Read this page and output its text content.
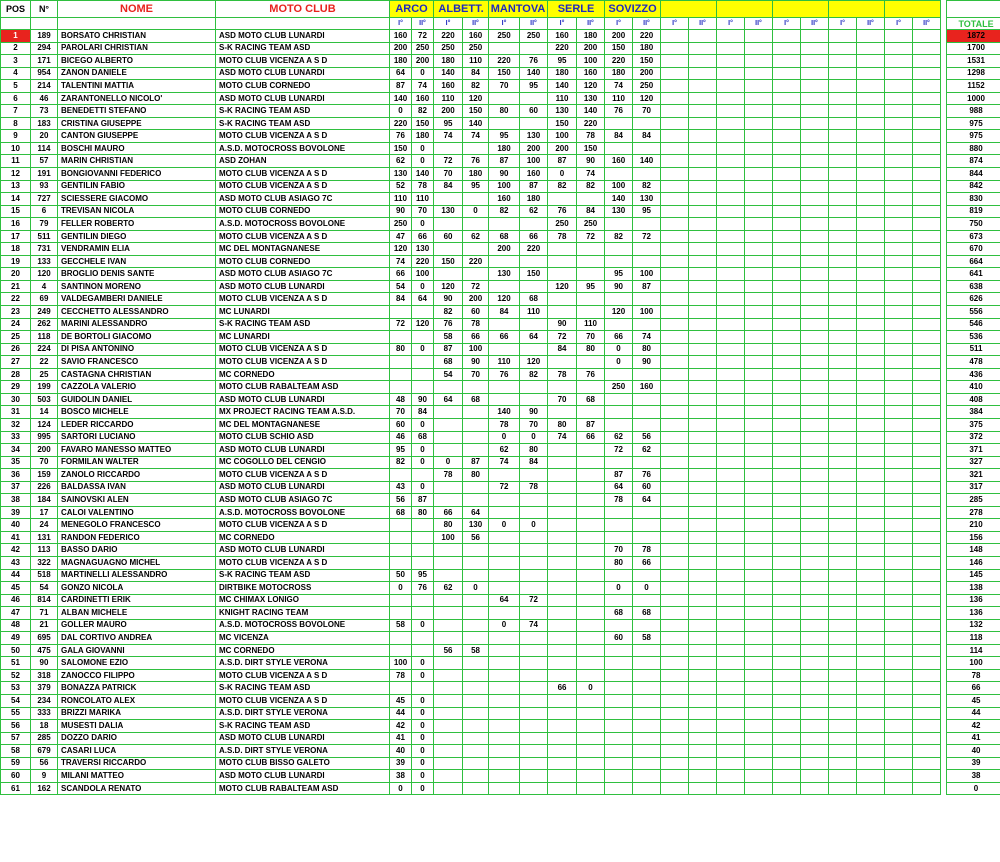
POS	N°	NOME	MOTO CLUB	ARCO		ALBETT.		MANTOVA		SERLE		SOVIZZO													
				I°	II°	I°	II°	I°	II°	I°	II°	I°	II°	I°	II°	I°	II°	I°	II°	I°	II°	I°	II°		TOTALE
1	189	BORSATO CHRISTIAN	ASD MOTO CLUB LUNARDI	160	72	220	160	250	250	160	180	200	220												1872
2	294	PAROLARI CHRISTIAN	S-K RACING TEAM ASD	200	250	250	250			220	200	150	180												1700
3	171	BICEGO ALBERTO	MOTO CLUB VICENZA A S D	180	200	180	110	220	76	95	100	220	150												1531
4	954	ZANON DANIELE	ASD MOTO CLUB LUNARDI	64	0	140	84	150	140	180	160	180	200												1298
5	214	TALENTINI MATTIA	MOTO CLUB CORNEDO	87	74	160	82	70	95	140	120	74	250												1152
6	46	ZARANTONELLO NICOLO'	ASD MOTO CLUB LUNARDI	140	160	110	120			110	130	110	120												1000
7	73	BENEDETTI STEFANO	S-K RACING TEAM ASD	0	82	200	150	80	60	130	140	76	70												988
8	183	CRISTINA GIUSEPPE	S-K RACING TEAM ASD	220	150	95	140			150	220														975
9	20	CANTON GIUSEPPE	MOTO CLUB VICENZA A S D	76	180	74	74	95	130	100	78	84	84												975
10	114	BOSCHI MAURO	A.S.D. MOTOCROSS BOVOLONE	150	0			180	200	200	150														880
11	57	MARIN CHRISTIAN	ASD ZOHAN	62	0	72	76	87	100	87	90	160	140												874
12	191	BONGIOVANNI FEDERICO	MOTO CLUB VICENZA A S D	130	140	70	180	90	160	0	74														844
13	93	GENTILIN FABIO	MOTO CLUB VICENZA A S D	52	78	84	95	100	87	82	82	100	82												842
14	727	SCIESSERE GIACOMO	ASD MOTO CLUB ASIAGO 7C	110	110			160	180			140	130												830
15	6	TREVISAN NICOLA	MOTO CLUB CORNEDO	90	70	130	0	82	62	76	84	130	95												819
16	79	FELLER ROBERTO	A.S.D. MOTOCROSS BOVOLONE	250	0					250	250														750
17	511	GENTILIN DIEGO	MOTO CLUB VICENZA A S D	47	66	60	62	68	66	78	72	82	72												673
18	731	VENDRAMIN ELIA	MC DEL MONTAGNANESE	120	130			200	220																670
19	133	GECCHELE IVAN	MOTO CLUB CORNEDO	74	220	150	220																		664
20	120	BROGLIO DENIS SANTE	ASD MOTO CLUB ASIAGO 7C	66	100			130	150			95	100												641
21	4	SANTINON MORENO	ASD MOTO CLUB LUNARDI	54	0	120	72			120	95	90	87												638
22	69	VALDEGAMBERI DANIELE	MOTO CLUB VICENZA A S D	84	64	90	200	120	68																626
23	249	CECCHETTO ALESSANDRO	MC LUNARDI			82	60	84	110			120	100												556
24	262	MARINI ALESSANDRO	S-K RACING TEAM ASD	72	120	76	78			90	110														546
25	118	DE BORTOLI GIACOMO	MC LUNARDI			58	66	66	64	72	70	66	74												536
26	224	DI PISA ANTONINO	MOTO CLUB VICENZA A S D	80	0	87	100			84	80	0	80												511
27	22	SAVIO FRANCESCO	MOTO CLUB VICENZA A S D			68	90	110	120			0	90												478
28	25	CASTAGNA CHRISTIAN	MC CORNEDO			54	70	76	82	78	76														436
29	199	CAZZOLA VALERIO	MOTO CLUB RABALTEAM ASD									250	160												410
30	503	GUIDOLIN DANIEL	ASD MOTO CLUB LUNARDI	48	90	64	68			70	68														408
31	14	BOSCO MICHELE	MX PROJECT RACING TEAM A.S.D.	70	84			140	90																384
32	124	LEDER RICCARDO	MC DEL MONTAGNANESE	60	0			78	70	80	87														375
33	995	SARTORI LUCIANO	MOTO CLUB SCHIO ASD	46	68			0	0	74	66	62	56												372
34	200	FAVARO MANESSO MATTEO	ASD MOTO CLUB LUNARDI	95	0			62	80			72	62												371
35	70	FORMILAN WALTER	MC COGOLLO DEL CENGIO	82	0	0	87	74	84																327
36	159	ZANOLO RICCARDO	MOTO CLUB VICENZA A S D			78	80					87	76												321
37	226	BALDASSA IVAN	ASD MOTO CLUB LUNARDI	43	0			72	78			64	60												317
38	184	SAINOVSKI ALEN	ASD MOTO CLUB ASIAGO 7C	56	87							78	64												285
39	17	CALOI VALENTINO	A.S.D. MOTOCROSS BOVOLONE	68	80	66	64																		278
40	24	MENEGOLO FRANCESCO	MOTO CLUB VICENZA A S D			80	130	0	0																210
41	131	RANDON FEDERICO	MC CORNEDO			100	56																		156
42	113	BASSO DARIO	ASD MOTO CLUB LUNARDI									70	78												148
43	322	MAGNAGUAGNO MICHEL	MOTO CLUB VICENZA A S D									80	66												146
44	518	MARTINELLI ALESSANDRO	S-K RACING TEAM ASD	50	95																				145
45	54	GONZO NICOLA	DIRTBIKE MOTOCROSS	0	76	62	0					0	0												138
46	814	CARDINETTI ERIK	MC CHIMAX LONIGO					64	72																136
47	71	ALBAN MICHELE	KNIGHT RACING TEAM									68	68												136
48	21	GOLLER MAURO	A.S.D. MOTOCROSS BOVOLONE	58	0			0	74																132
49	695	DAL CORTIVO ANDREA	MC VICENZA									60	58												118
50	475	GALA GIOVANNI	MC CORNEDO			56	58																		114
51	90	SALOMONE EZIO	A.S.D. DIRT STYLE VERONA	100	0																				100
52	318	ZANOCCO FILIPPO	MOTO CLUB VICENZA A S D	78	0																				78
53	379	BONAZZA PATRICK	S-K RACING TEAM ASD							66	0														66
54	234	RONCOLATO ALEX	MOTO CLUB VICENZA A S D	45	0																				45
55	333	BRIZZI MARIKA	A.S.D. DIRT STYLE VERONA	44	0																				44
56	18	MUSESTI DALIA	S-K RACING TEAM ASD	42	0																				42
57	285	DOZZO DARIO	ASD MOTO CLUB LUNARDI	41	0																				41
58	679	CASARI LUCA	A.S.D. DIRT STYLE VERONA	40	0																				40
59	56	TRAVERSI RICCARDO	MOTO CLUB BISSO GALETO	39	0																				39
60	9	MILANI MATTEO	ASD MOTO CLUB LUNARDI	38	0																				38
61	162	SCANDOLA RENATO	MOTO CLUB RABALTEAM ASD	0	0																				0
